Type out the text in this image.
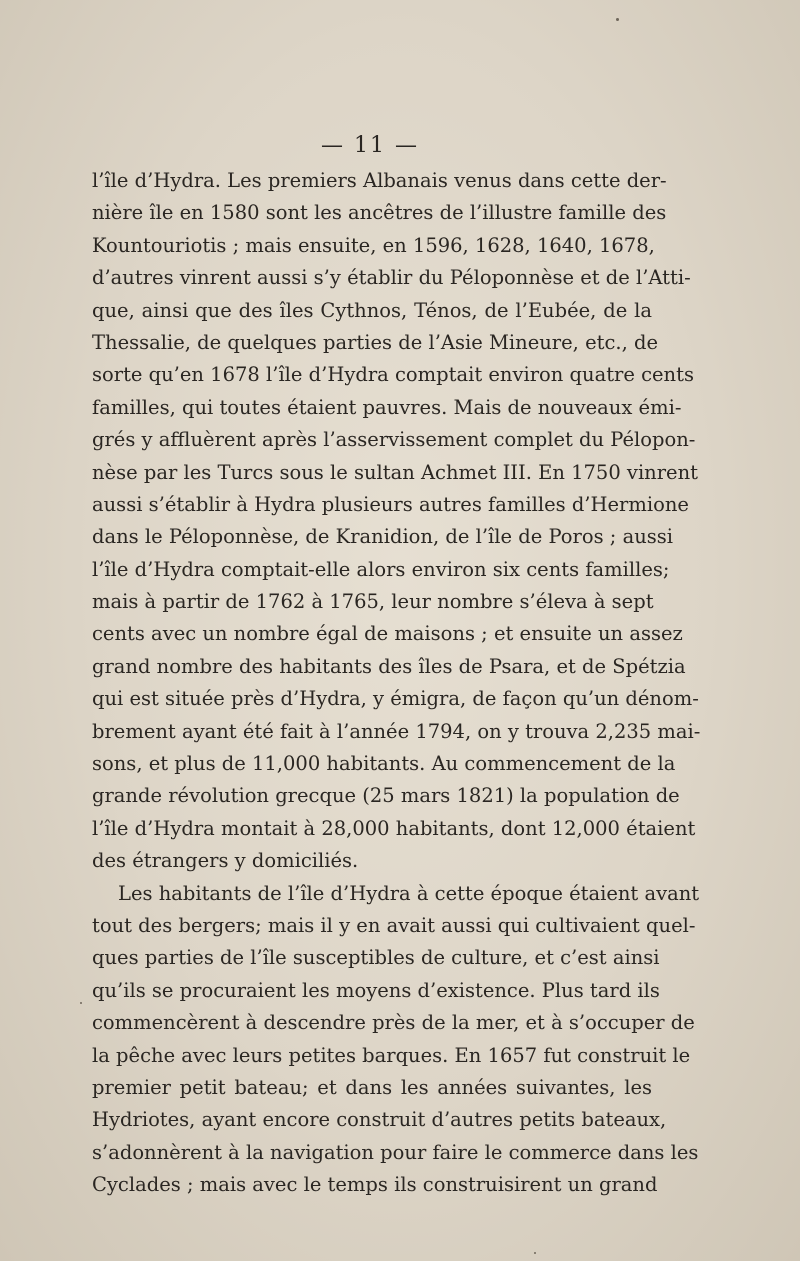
— 11 —
l’île d’Hydra. Les premiers Albanais venus dans cette der-
nière île en 1580 sont les ancêtres de l’illustre famille des
Kountouriotis ; mais ensuite, en 1596, 1628, 1640, 1678,
d’autres vinrent aussi s’y établir du Péloponnèse et de l’Atti-
que, ainsi que des îles Cythnos, Ténos, de l’Eubée, de la
Thessalie, de quelques parties de l’Asie Mineure, etc., de
sorte qu’en 1678 l’île d’Hydra comptait environ quatre cents
familles, qui toutes étaient pauvres. Mais de nouveaux émi-
grés y affluèrent après l’asservissement complet du Pélopon-
nèse par les Turcs sous le sultan Achmet III. En 1750 vinrent
aussi s’établir à Hydra plusieurs autres familles d’Hermione
dans le Péloponnèse, de Kranidion, de l’île de Poros ; aussi
l’île d’Hydra comptait-elle alors environ six cents familles;
mais à partir de 1762 à 1765, leur nombre s’éleva à sept
cents avec un nombre égal de maisons ; et ensuite un assez
grand nombre des habitants des îles de Psara, et de Spétzia
qui est située près d’Hydra, y émigra, de façon qu’un dénom-
brement ayant été fait à l’année 1794, on y trouva 2,235 mai-
sons, et plus de 11,000 habitants. Au commencement de la
grande révolution grecque (25 mars 1821) la population de
l’île d’Hydra montait à 28,000 habitants, dont 12,000 étaient
des étrangers y domiciliés.
Les habitants de l’île d’Hydra à cette époque étaient avant
tout des bergers; mais il y en avait aussi qui cultivaient quel-
ques parties de l’île susceptibles de culture, et c’est ainsi
qu’ils se procuraient les moyens d’existence. Plus tard ils
commencèrent à descendre près de la mer, et à s’occuper de
la pêche avec leurs petites barques. En 1657 fut construit le
premier petit bateau; et dans les années suivantes, les
Hydriotes, ayant encore construit d’autres petits bateaux,
s’adonnèrent à la navigation pour faire le commerce dans les
Cyclades ; mais avec le temps ils construisirent un grand
